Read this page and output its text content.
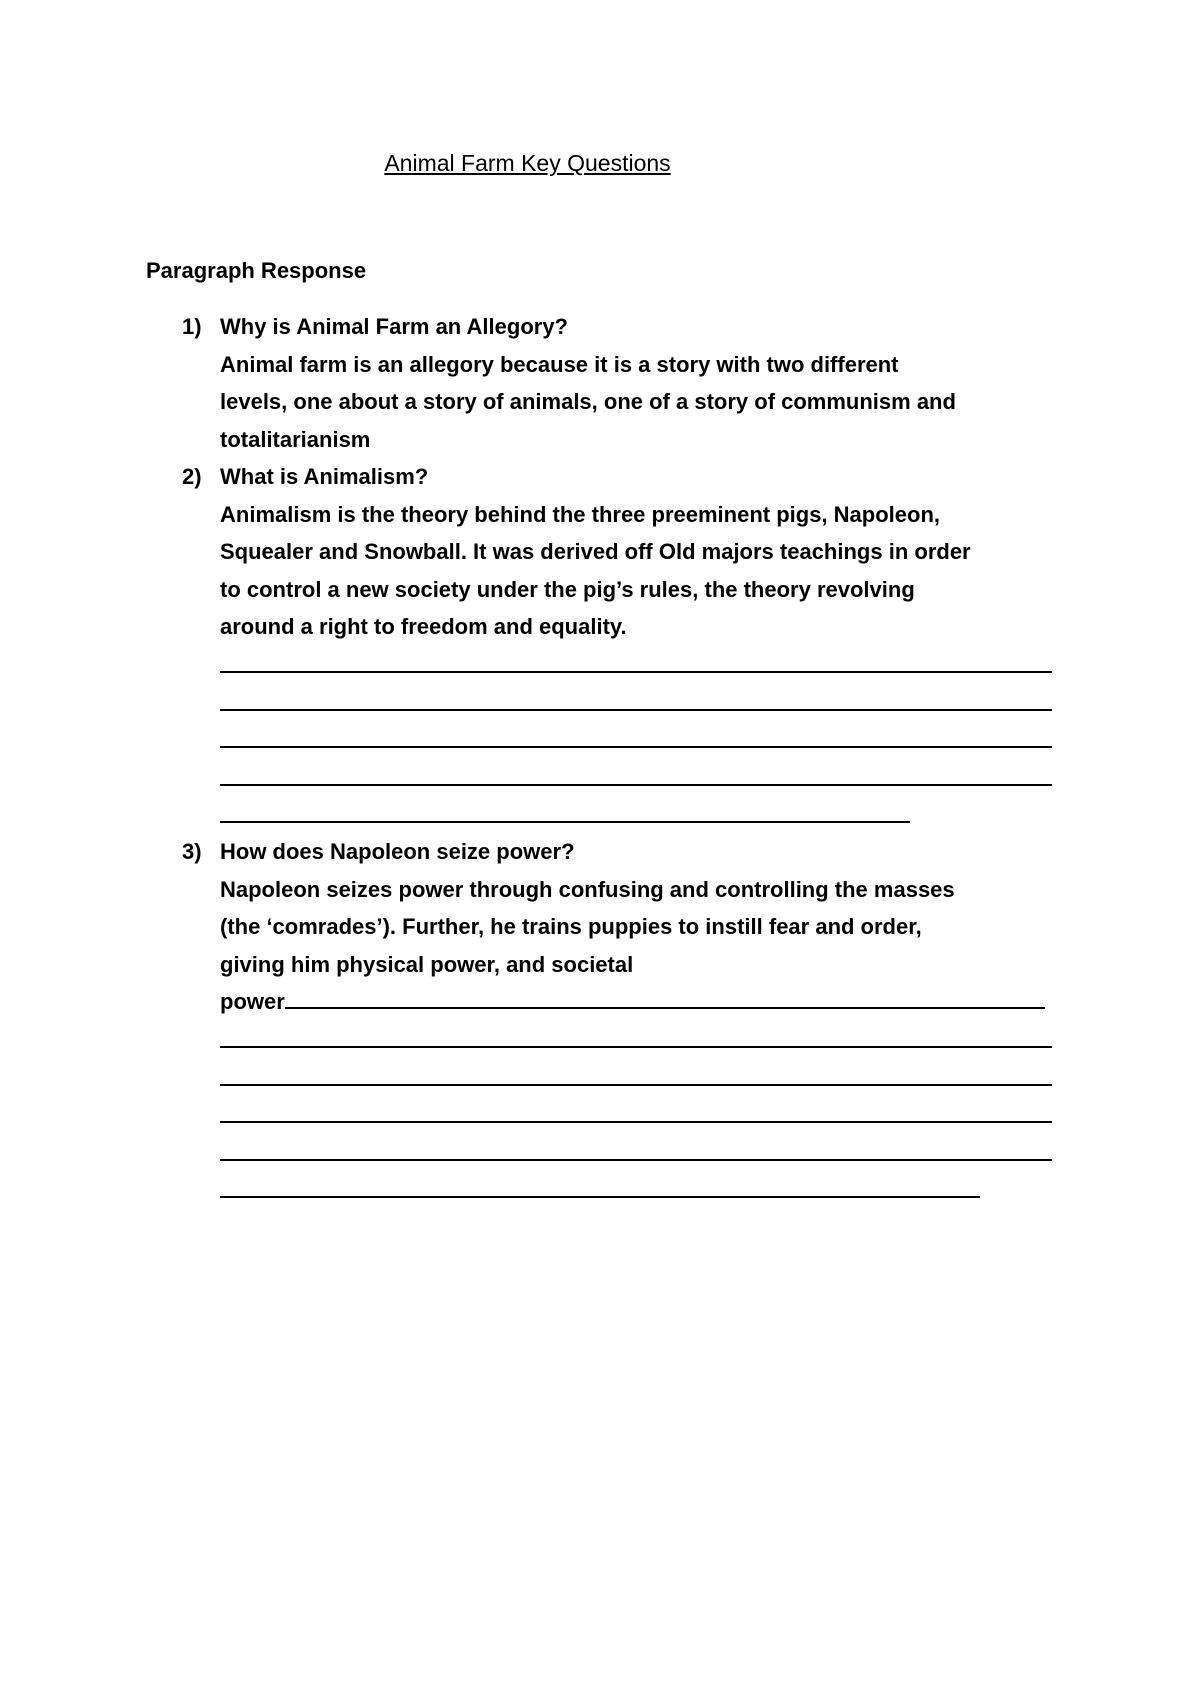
Animal Farm Key Questions
Paragraph Response
1) Why is Animal Farm an Allegory?
Animal farm is an allegory because it is a story with two different
levels, one about a story of animals, one of a story of communism and
totalitarianism
2) What is Animalism?
Animalism is the theory behind the three preeminent pigs, Napoleon,
Squealer and Snowball. It was derived off Old majors teachings in order
to control a new society under the pig’s rules, the theory revolving
around a right to freedom and equality.
3) How does Napoleon seize power?
Napoleon seizes power through confusing and controlling the masses
(the ‘comrades’). Further, he trains puppies to instill fear and order,
giving him physical power, and societal
power
